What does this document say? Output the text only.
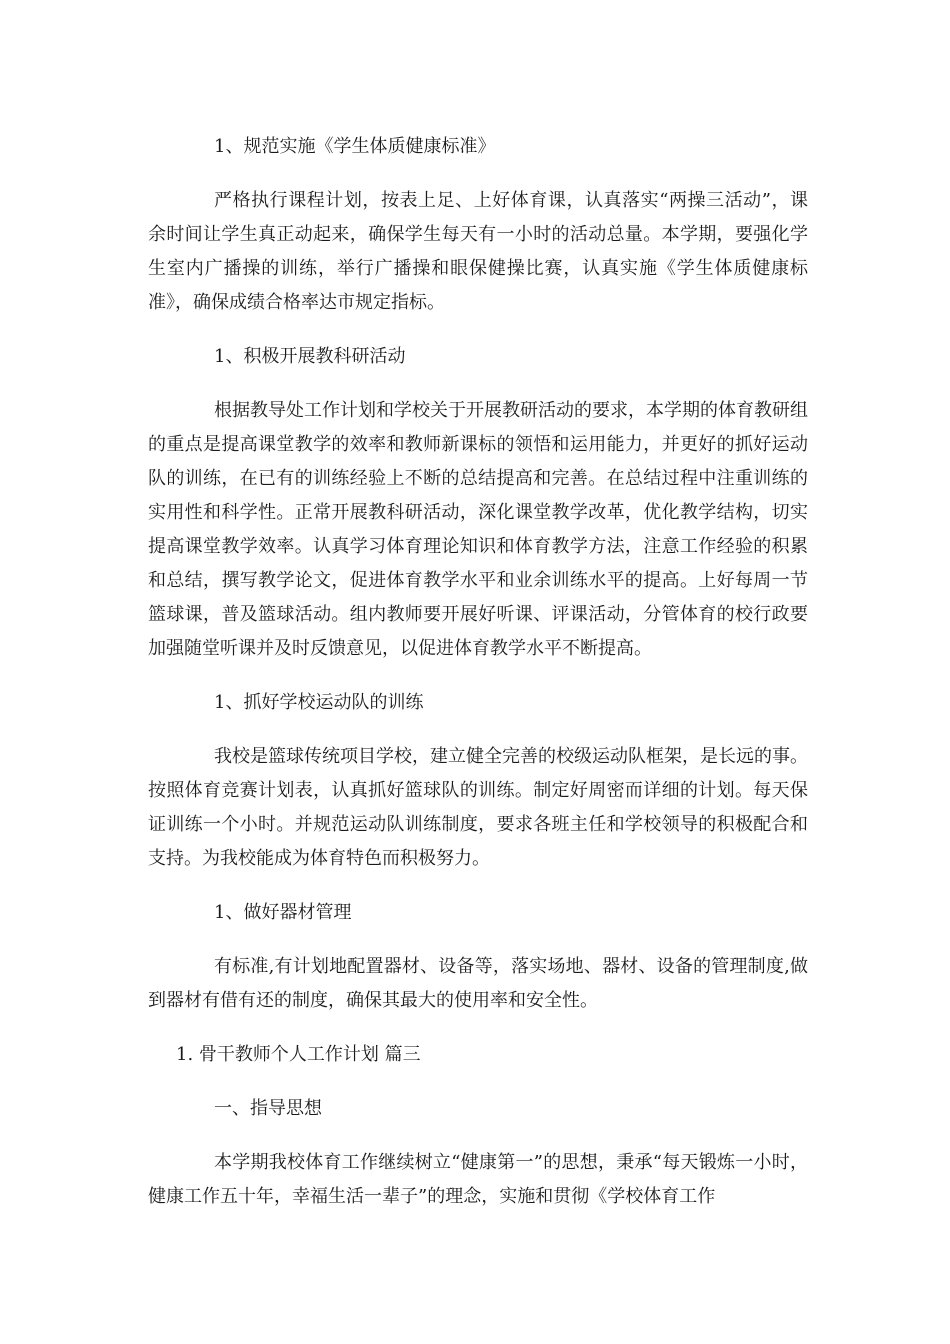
1、规范实施《学生体质健康标准》

严格执行课程计划，按表上足、上好体育课，认真落实“两操三活动”，课余时间让学生真正动起来，确保学生每天有一小时的活动总量。本学期，要强化学生室内广播操的训练，举行广播操和眼保健操比赛，认真实施《学生体质健康标准》，确保成绩合格率达市规定指标。

1、积极开展教科研活动

根据教导处工作计划和学校关于开展教研活动的要求，本学期的体育教研组的重点是提高课堂教学的效率和教师新课标的领悟和运用能力，并更好的抓好运动队的训练，在已有的训练经验上不断的总结提高和完善。在总结过程中注重训练的实用性和科学性。正常开展教科研活动，深化课堂教学改革，优化教学结构，切实提高课堂教学效率。认真学习体育理论知识和体育教学方法，注意工作经验的积累和总结，撰写教学论文，促进体育教学水平和业余训练水平的提高。上好每周一节篮球课，普及篮球活动。组内教师要开展好听课、评课活动，分管体育的校行政要加强随堂听课并及时反馈意见，以促进体育教学水平不断提高。

1、抓好学校运动队的训练

我校是篮球传统项目学校，建立健全完善的校级运动队框架，是长远的事。按照体育竞赛计划表，认真抓好篮球队的训练。制定好周密而详细的计划。每天保证训练一个小时。并规范运动队训练制度，要求各班主任和学校领导的积极配合和支持。为我校能成为体育特色而积极努力。

1、做好器材管理

有标准,有计划地配置器材、设备等，落实场地、器材、设备的管理制度,做到器材有借有还的制度，确保其最大的使用率和安全性。

1. 骨干教师个人工作计划 篇三

一、指导思想

本学期我校体育工作继续树立“健康第一”的思想，秉承“每天锻炼一小时，健康工作五十年，幸福生活一辈子”的理念，实施和贯彻《学校体育工作
